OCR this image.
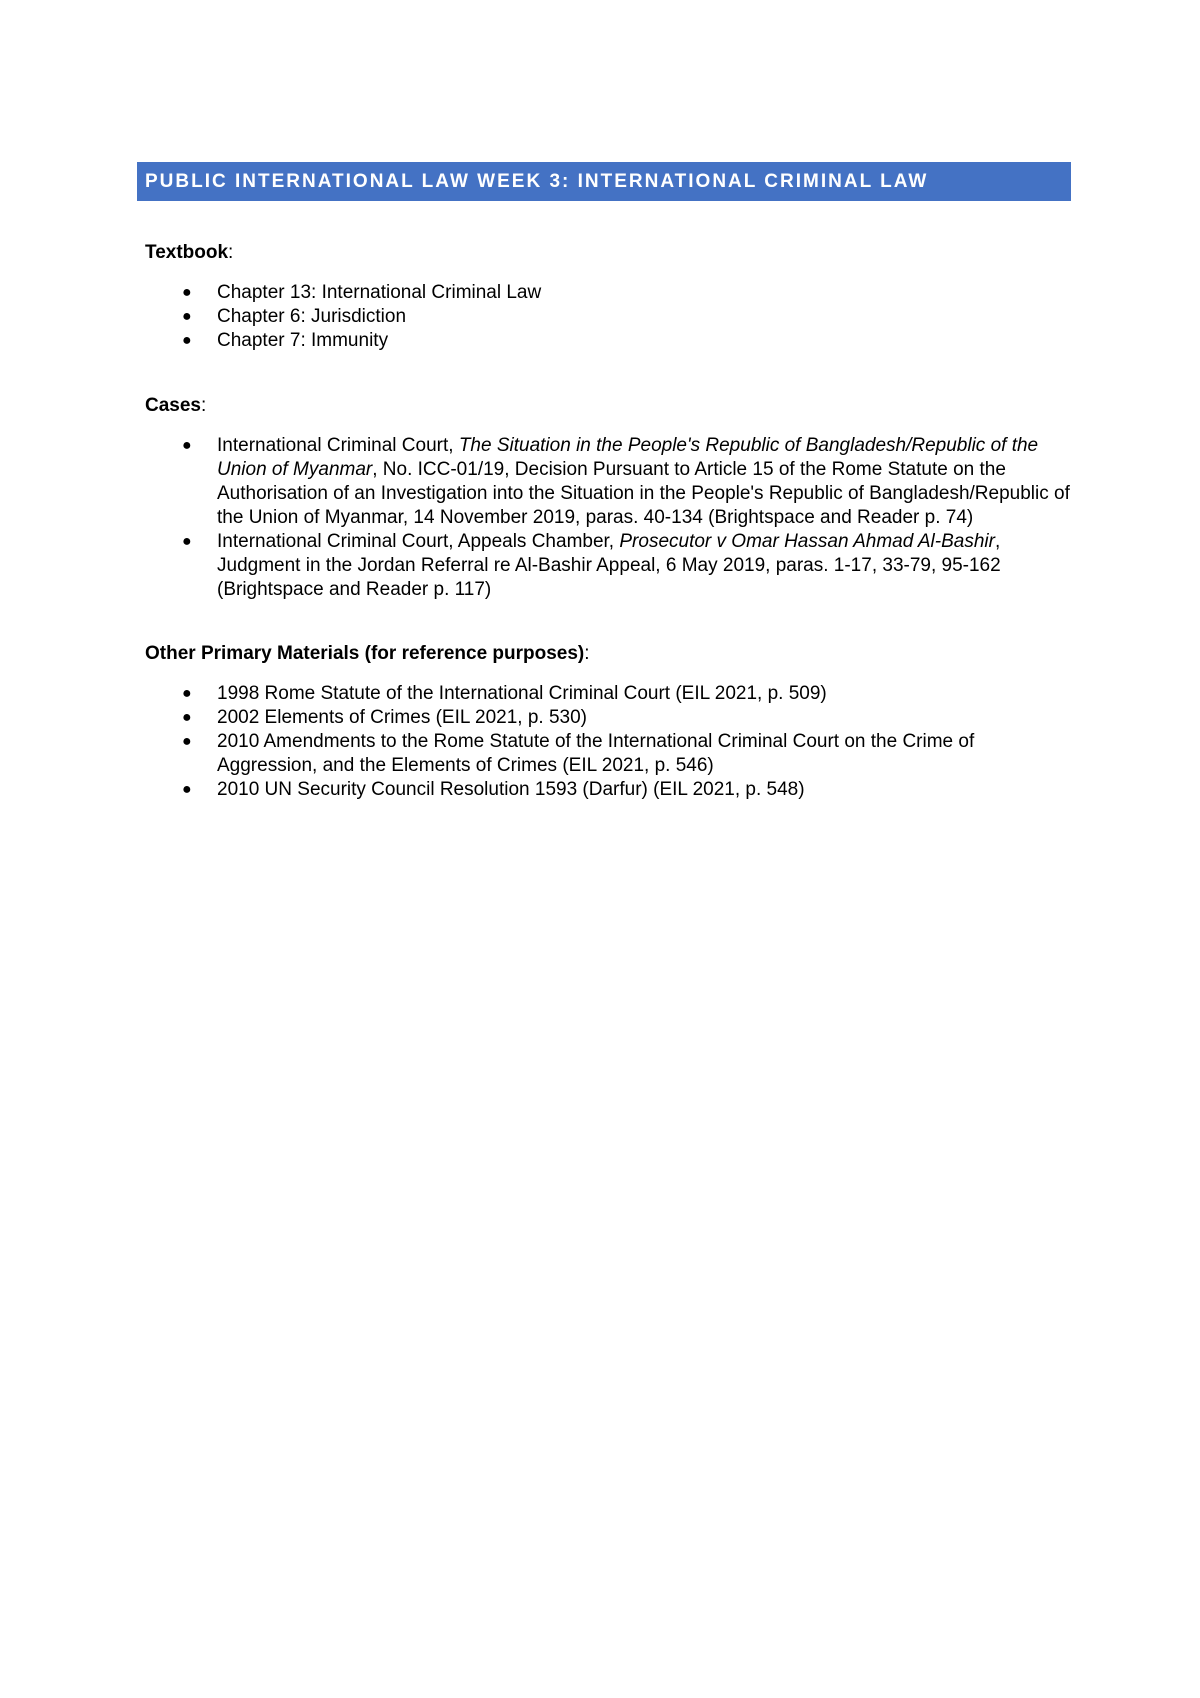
PUBLIC INTERNATIONAL LAW WEEK 3: INTERNATIONAL CRIMINAL LAW

Textbook:

● Chapter 13: International Criminal Law
● Chapter 6: Jurisdiction
● Chapter 7: Immunity

Cases:

● International Criminal Court, The Situation in the People's Republic of Bangladesh/Republic of the Union of Myanmar, No. ICC-01/19, Decision Pursuant to Article 15 of the Rome Statute on the Authorisation of an Investigation into the Situation in the People's Republic of Bangladesh/Republic of the Union of Myanmar, 14 November 2019, paras. 40-134 (Brightspace and Reader p. 74)
● International Criminal Court, Appeals Chamber, Prosecutor v Omar Hassan Ahmad Al-Bashir, Judgment in the Jordan Referral re Al-Bashir Appeal, 6 May 2019, paras. 1-17, 33-79, 95-162 (Brightspace and Reader p. 117)

Other Primary Materials (for reference purposes):

● 1998 Rome Statute of the International Criminal Court (EIL 2021, p. 509)
● 2002 Elements of Crimes (EIL 2021, p. 530)
● 2010 Amendments to the Rome Statute of the International Criminal Court on the Crime of Aggression, and the Elements of Crimes (EIL 2021, p. 546)
● 2010 UN Security Council Resolution 1593 (Darfur) (EIL 2021, p. 548)
